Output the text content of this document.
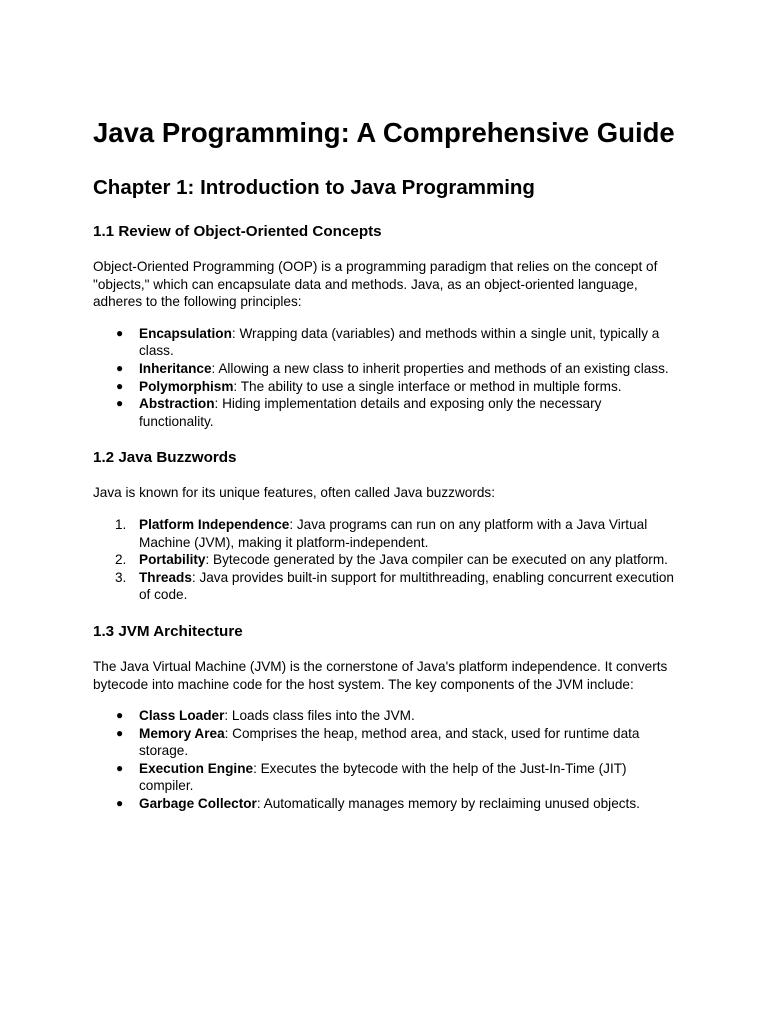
Java Programming: A Comprehensive Guide
Chapter 1: Introduction to Java Programming
1.1 Review of Object-Oriented Concepts

Object-Oriented Programming (OOP) is a programming paradigm that relies on the concept of "objects," which can encapsulate data and methods. Java, as an object-oriented language, adheres to the following principles:

● Encapsulation: Wrapping data (variables) and methods within a single unit, typically a class.
● Inheritance: Allowing a new class to inherit properties and methods of an existing class.
● Polymorphism: The ability to use a single interface or method in multiple forms.
● Abstraction: Hiding implementation details and exposing only the necessary functionality.
1.2 Java Buzzwords

Java is known for its unique features, often called Java buzzwords:

1. Platform Independence: Java programs can run on any platform with a Java Virtual Machine (JVM), making it platform-independent.
2. Portability: Bytecode generated by the Java compiler can be executed on any platform.
3. Threads: Java provides built-in support for multithreading, enabling concurrent execution of code.
1.3 JVM Architecture

The Java Virtual Machine (JVM) is the cornerstone of Java's platform independence. It converts bytecode into machine code for the host system. The key components of the JVM include:

● Class Loader: Loads class files into the JVM.
● Memory Area: Comprises the heap, method area, and stack, used for runtime data storage.
● Execution Engine: Executes the bytecode with the help of the Just-In-Time (JIT) compiler.
● Garbage Collector: Automatically manages memory by reclaiming unused objects.
